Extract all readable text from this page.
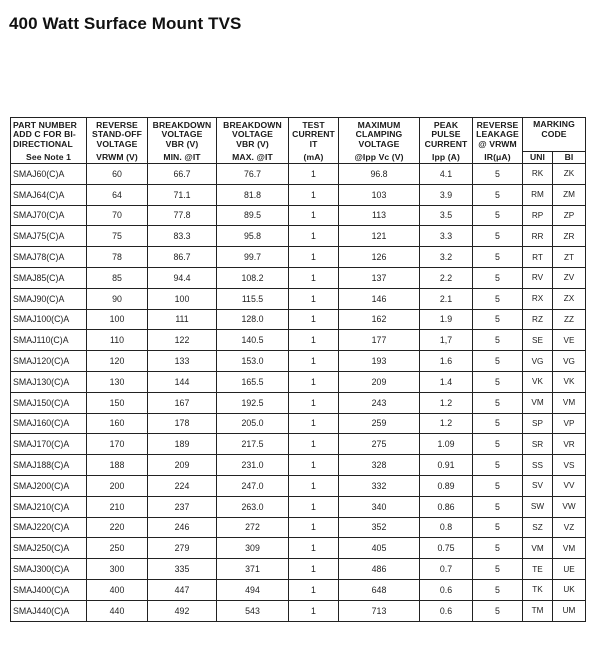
400 Watt Surface Mount TVS
PART NUMBER
ADD C FOR BI-
DIRECTIONAL	REVERSE
STAND-OFF
VOLTAGE	BREAKDOWN
VOLTAGE
VBR (V)	BREAKDOWN
VOLTAGE
VBR (V)	TEST
CURRENT
IT	MAXIMUM
CLAMPING
VOLTAGE	PEAK
PULSE
CURRENT	REVERSE
LEAKAGE
@ VRWM	MARKING
CODE	

See Note 1	VRWM (V)	MIN. @IT	MAX. @IT	(mA)	@Ipp Vc (V)	Ipp (A)	IR(μA)	UNI	BI
SMAJ60(C)A	60	66.7	76.7	1	96.8	4.1	5	RK	ZK
SMAJ64(C)A	64	71.1	81.8	1	103	3.9	5	RM	ZM
SMAJ70(C)A	70	77.8	89.5	1	113	3.5	5	RP	ZP
SMAJ75(C)A	75	83.3	95.8	1	121	3.3	5	RR	ZR
SMAJ78(C)A	78	86.7	99.7	1	126	3.2	5	RT	ZT
SMAJ85(C)A	85	94.4	108.2	1	137	2.2	5	RV	ZV
SMAJ90(C)A	90	100	115.5	1	146	2.1	5	RX	ZX
SMAJ100(C)A	100	111	128.0	1	162	1.9	5	RZ	ZZ
SMAJ110(C)A	110	122	140.5	1	177	1,7	5	SE	VE
SMAJ120(C)A	120	133	153.0	1	193	1.6	5	VG	VG
SMAJ130(C)A	130	144	165.5	1	209	1.4	5	VK	VK
SMAJ150(C)A	150	167	192.5	1	243	1.2	5	VM	VM
SMAJ160(C)A	160	178	205.0	1	259	1.2	5	SP	VP
SMAJ170(C)A	170	189	217.5	1	275	1.09	5	SR	VR
SMAJ188(C)A	188	209	231.0	1	328	0.91	5	SS	VS
SMAJ200(C)A	200	224	247.0	1	332	0.89	5	SV	VV
SMAJ210(C)A	210	237	263.0	1	340	0.86	5	SW	VW
SMAJ220(C)A	220	246	272	1	352	0.8	5	SZ	VZ
SMAJ250(C)A	250	279	309	1	405	0.75	5	VM	VM
SMAJ300(C)A	300	335	371	1	486	0.7	5	TE	UE
SMAJ400(C)A	400	447	494	1	648	0.6	5	TK	UK
SMAJ440(C)A	440	492	543	1	713	0.6	5	TM	UM
